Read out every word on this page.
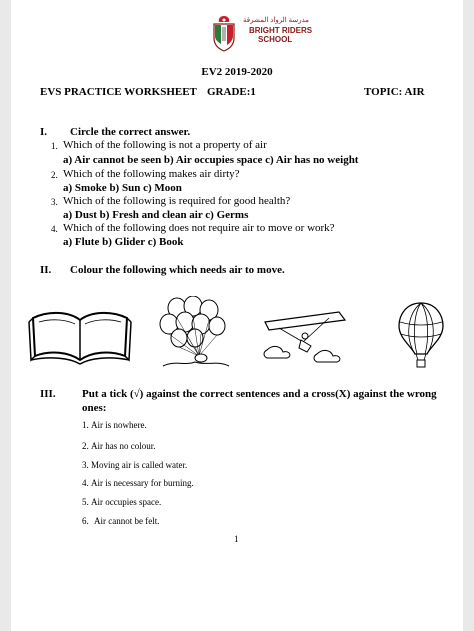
مدرسة الرواد المشرقة
BRIGHT RIDERS
SCHOOL
EV2 2019-2020
EVS PRACTICE WORKSHEET GRADE:1	TOPIC: AIR
I. Circle the correct answer.
1. Which of the following is not a property of air
a) Air cannot be seen b) Air occupies space c) Air has no weight
2. Which of the following makes air dirty?
a) Smoke b) Sun c) Moon
3. Which of the following is required for good health?
a) Dust b) Fresh and clean air c) Germs
4. Which of the following does not require air to move or work?
a) Flute b) Glider c) Book
II. Colour the following which needs air to move.
III. Put a tick (√) against the correct sentences and a cross(X) against the wrong
ones:
1. Air is nowhere.
2. Air has no colour.
3. Moving air is called water.
4. Air is necessary for burning.
5. Air occupies space.
6. Air cannot be felt.
1
